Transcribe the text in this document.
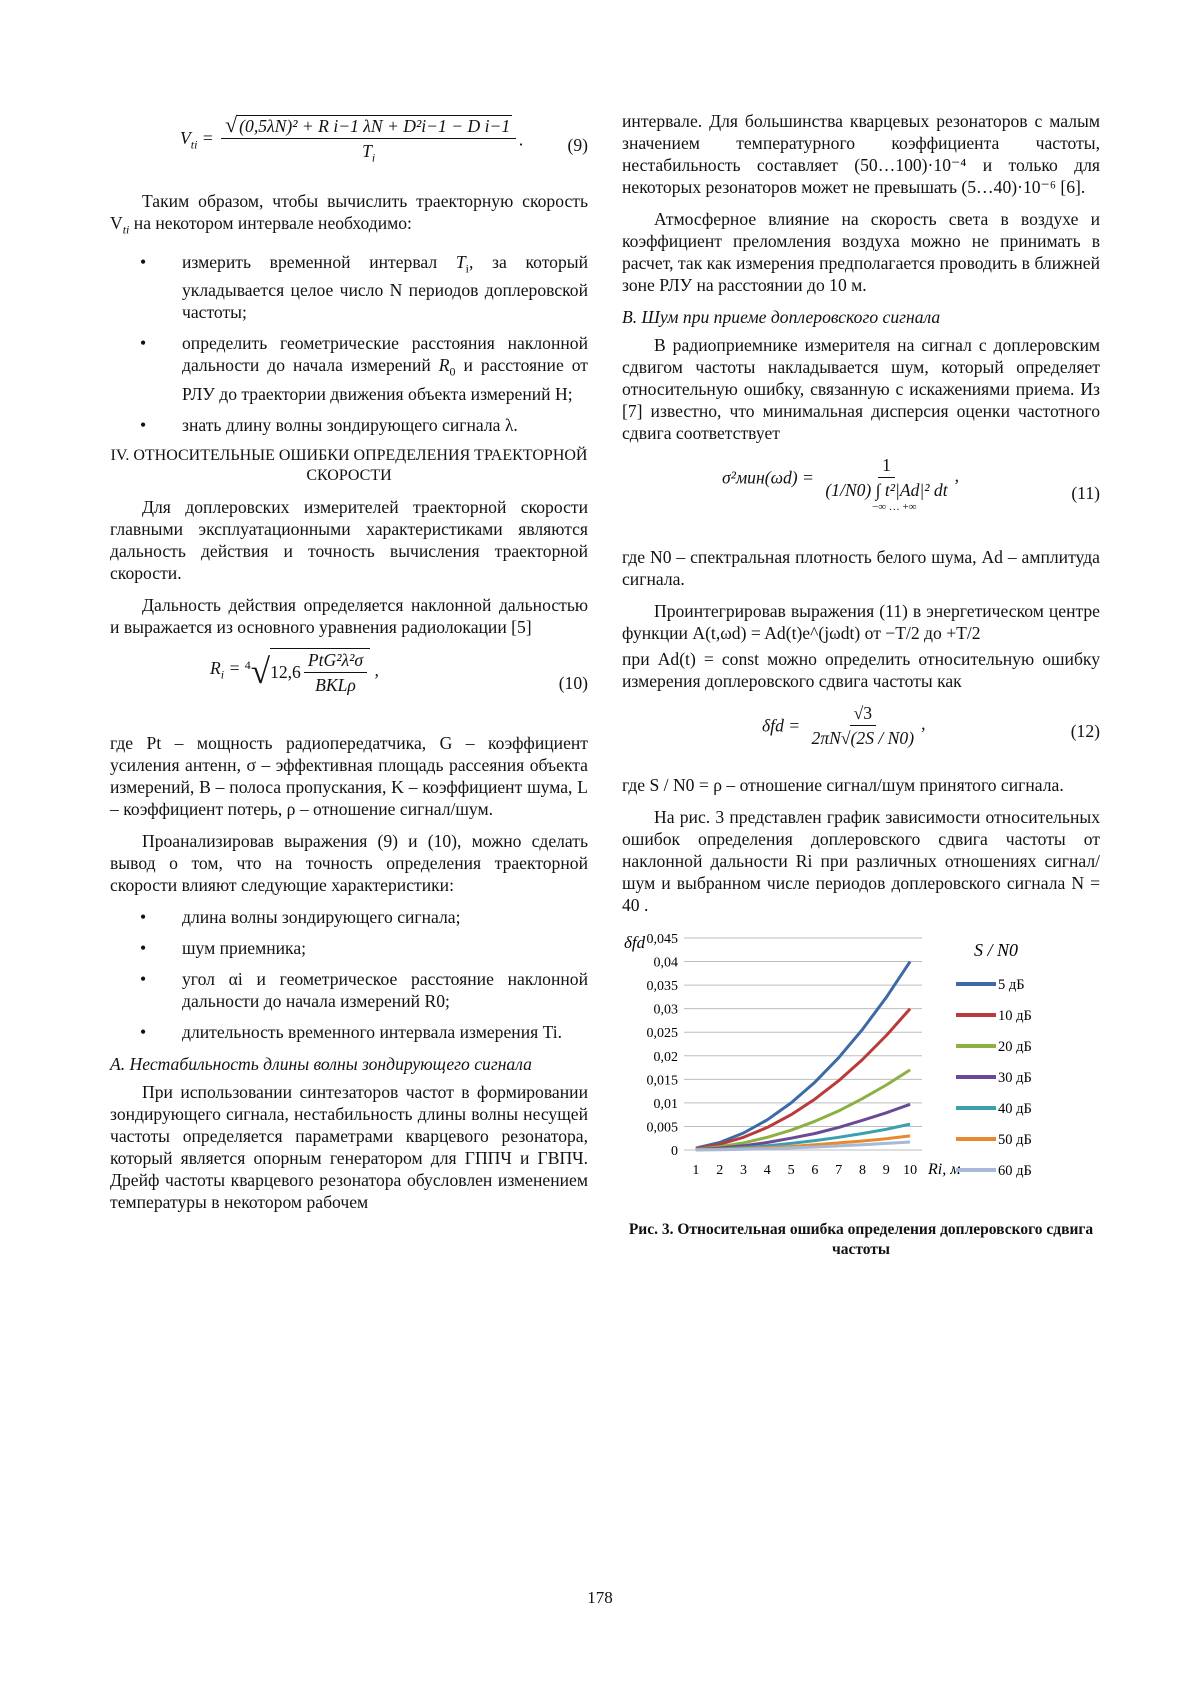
$V_{ti} = \frac{\text{√ (0,5λN)² + R i−1 λN + D²i−1 − D i−1}}{T_i}$ .	(9)

Таким образом, чтобы вычислить траекторную скорость $V_{ti}$ на некотором интервале необходимо:

• измерить временной интервал $T_i$, за который укладывается целое число N периодов доплеровской частоты;
• определить геометрические расстояния наклонной дальности до начала измерений $R_0$ и расстояние от РЛУ до траектории движения объекта измерений H;
• знать длину волны зондирующего сигнала λ.
IV. ОТНОСИТЕЛЬНЫЕ ОШИБКИ ОПРЕДЕЛЕНИЯ ТРАЕКТОРНОЙ СКОРОСТИ

Для доплеровских измерителей траекторной скорости главными эксплуатационными характеристиками являются дальность действия и точность вычисления траекторной скорости.

Дальность действия определяется наклонной дальностью и выражается из основного уравнения радиолокации [5]

$R_i = ^4√$ $12,6 \frac{\text{PtG²λ²σ}}{\text{BKLρ}}$ ,
(10)

где Pt – мощность радиопередатчика, G – коэффициент усиления антенн, σ – эффективная площадь рассеяния объекта измерений, B – полоса пропускания, K – коэффициент шума, L – коэффициент потерь, ρ – отношение сигнал/шум.

Проанализировав выражения (9) и (10), можно сделать вывод о том, что на точность определения траекторной скорости влияют следующие характеристики:

• длина волны зондирующего сигнала;
• шум приемника;
• угол αi и геометрическое расстояние наклонной дальности до начала измерений R0;
• длительность временного интервала измерения Ti.
A. Нестабильность длины волны зондирующего сигнала

При использовании синтезаторов частот в формировании зондирующего сигнала, нестабильность длины волны несущей частоты определяется параметрами кварцевого резонатора, который является опорным генератором для ГППЧ и ГВПЧ. Дрейф частоты кварцевого резонатора обусловлен изменением температуры в некотором рабочем

интервале. Для большинства кварцевых резонаторов с малым значением температурного коэффициента частоты, нестабильность составляет (50…100)·10⁻⁴ и только для некоторых резонаторов может не превышать (5…40)·10⁻⁶ [6].

Атмосферное влияние на скорость света в воздухе и коэффициент преломления воздуха можно не принимать в расчет, так как измерения предполагается проводить в ближней зоне РЛУ на расстоянии до 10 м.

B. Шум при приеме доплеровского сигнала

В радиоприемнике измерителя на сигнал с доплеровским сдвигом частоты накладывается шум, который определяет относительную ошибку, связанную с искажениями приема. Из [7] известно, что минимальная дисперсия оценки частотного сдвига соответствует

$\sigma^2мин(\omega d) = \frac{1}{\text{(1/N0) ∫ t²|Ad|² dt}}$ ,
−∞ … +∞
(11)

где N0 – спектральная плотность белого шума, Ad – амплитуда сигнала.

Проинтегрировав выражения (11) в энергетическом центре функции A(t,ωd) = Ad(t)e^(jωdt) от −T/2 до +T/2

при Ad(t) = const можно определить относительную ошибку измерения доплеровского сдвига частоты как

$\delta fd = \frac{√3}{2\pi N√(2S / N0)}$ ,	(12)

где S / N0 = ρ – отношение сигнал/шум принятого сигнала.

На рис. 3 представлен график зависимости относительных ошибок определения доплеровского сдвига частоты от наклонной дальности Ri при различных отношениях сигнал/шум и выбранном числе периодов доплеровского сигнала N = 40 .

0,045
0,04
0,035
0,03
0,025
0,02
0,015
0,01
0,005
0
1 2 3 4 5 6 7 8 9 10
δfd
Ri, м
S / N0
5 дБ
10 дБ
20 дБ
30 дБ
40 дБ
50 дБ
60 дБ
Рис. 3. Относительная ошибка определения доплеровского сдвига частоты
178
